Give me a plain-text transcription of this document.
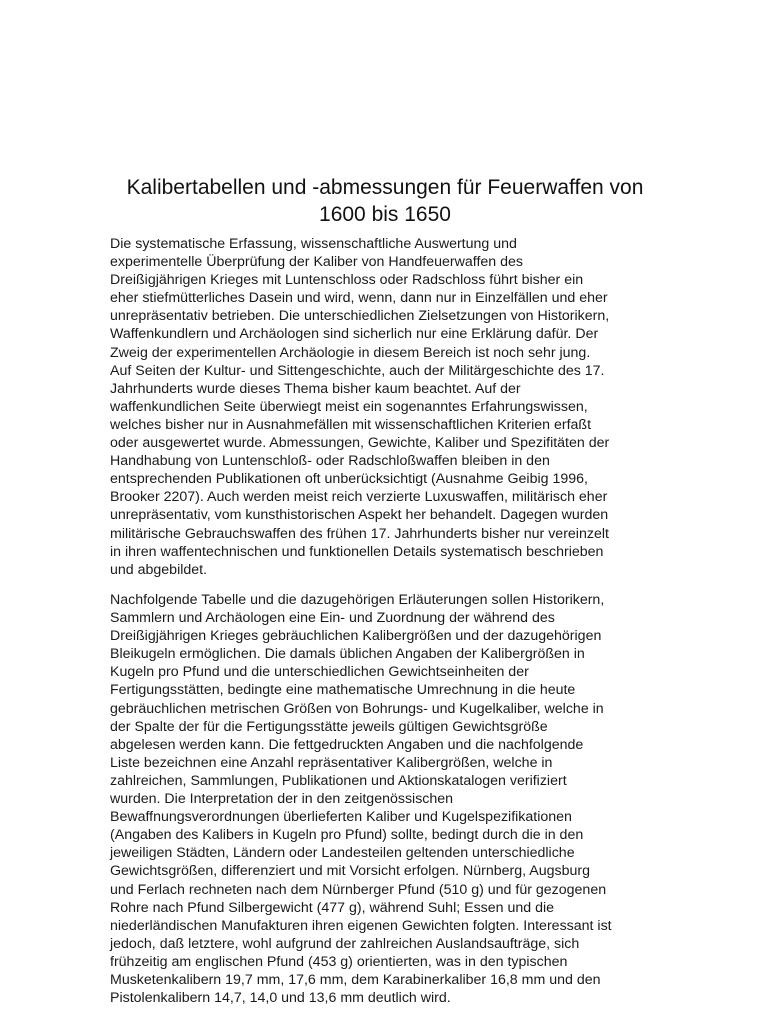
Kalibertabellen und -abmessungen für Feuerwaffen von
1600 bis 1650

Die systematische Erfassung, wissenschaftliche Auswertung und
experimentelle Überprüfung der Kaliber von Handfeuerwaffen des
Dreißigjährigen Krieges mit Luntenschloss oder Radschloss führt bisher ein
eher stiefmütterliches Dasein und wird, wenn, dann nur in Einzelfällen und eher
unrepräsentativ betrieben. Die unterschiedlichen Zielsetzungen von Historikern,
Waffenkundlern und Archäologen sind sicherlich nur eine Erklärung dafür. Der
Zweig der experimentellen Archäologie in diesem Bereich ist noch sehr jung.
Auf Seiten der Kultur- und Sittengeschichte, auch der Militärgeschichte des 17.
Jahrhunderts wurde dieses Thema bisher kaum beachtet. Auf der
waffenkundlichen Seite überwiegt meist ein sogenanntes Erfahrungswissen,
welches bisher nur in Ausnahmefällen mit wissenschaftlichen Kriterien erfaßt
oder ausgewertet wurde. Abmessungen, Gewichte, Kaliber und Spezifitäten der
Handhabung von Luntenschloß- oder Radschloßwaffen bleiben in den
entsprechenden Publikationen oft unberücksichtigt (Ausnahme Geibig 1996,
Brooker 2207). Auch werden meist reich verzierte Luxuswaffen, militärisch eher
unrepräsentativ, vom kunsthistorischen Aspekt her behandelt. Dagegen wurden
militärische Gebrauchswaffen des frühen 17. Jahrhunderts bisher nur vereinzelt
in ihren waffentechnischen und funktionellen Details systematisch beschrieben
und abgebildet.

Nachfolgende Tabelle und die dazugehörigen Erläuterungen sollen Historikern,
Sammlern und Archäologen eine Ein- und Zuordnung der während des
Dreißigjährigen Krieges gebräuchlichen Kalibergrößen und der dazugehörigen
Bleikugeln ermöglichen. Die damals üblichen Angaben der Kalibergrößen in
Kugeln pro Pfund und die unterschiedlichen Gewichtseinheiten der
Fertigungsstätten, bedingte eine mathematische Umrechnung in die heute
gebräuchlichen metrischen Größen von Bohrungs- und Kugelkaliber, welche in
der Spalte der für die Fertigungsstätte jeweils gültigen Gewichtsgröße
abgelesen werden kann. Die fettgedruckten Angaben und die nachfolgende
Liste bezeichnen eine Anzahl repräsentativer Kalibergrößen, welche in
zahlreichen, Sammlungen, Publikationen und Aktionskatalogen verifiziert
wurden. Die Interpretation der in den zeitgenössischen
Bewaffnungsverordnungen überlieferten Kaliber und Kugelspezifikationen
(Angaben des Kalibers in Kugeln pro Pfund) sollte, bedingt durch die in den
jeweiligen Städten, Ländern oder Landesteilen geltenden unterschiedliche
Gewichtsgrößen, differenziert und mit Vorsicht erfolgen. Nürnberg, Augsburg
und Ferlach rechneten nach dem Nürnberger Pfund (510 g) und für gezogenen
Rohre nach Pfund Silbergewicht (477 g), während Suhl; Essen und die
niederländischen Manufakturen ihren eigenen Gewichten folgten. Interessant ist
jedoch, daß letztere, wohl aufgrund der zahlreichen Auslandsaufträge, sich
frühzeitig am englischen Pfund (453 g) orientierten, was in den typischen
Musketenkalibern 19,7 mm, 17,6 mm, dem Karabinerkaliber 16,8 mm und den
Pistolenkalibern 14,7, 14,0 und 13,6 mm deutlich wird.
